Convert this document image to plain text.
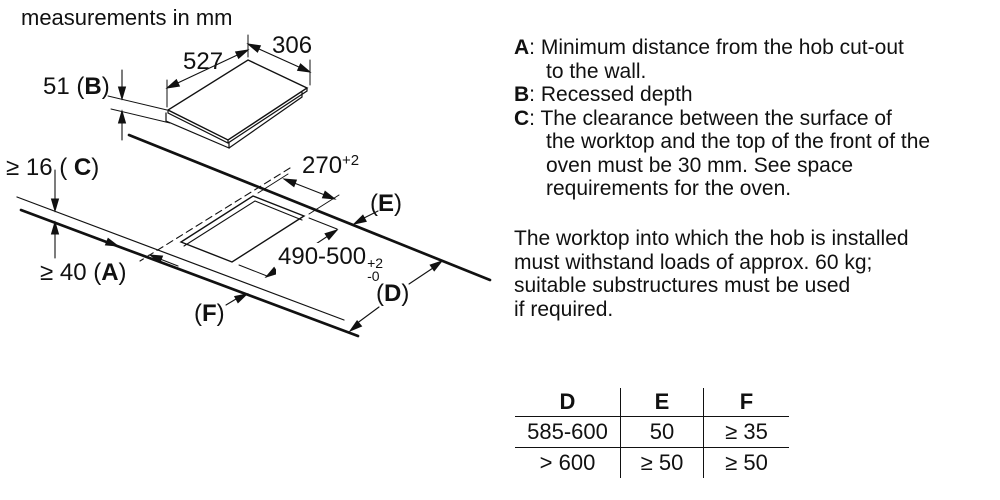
measurements in mm
527
306
51 (B)
≥ 16 ( C)
≥ 40 (A)
$270^{+2}$
490-500 +2
-0
(E)
(D)
(F)
A: Minimum distance from the hob cut-out
to the wall.
B: Recessed depth
C: The clearance between the surface of
the worktop and the top of the front of the
oven must be 30 mm. See space
requirements for the oven.
The worktop into which the hob is installed
must withstand loads of approx. 60 kg;
suitable substructures must be used
if required.
D	E	F
585-600	50	≥ 35
> 600	≥ 50	≥ 50
